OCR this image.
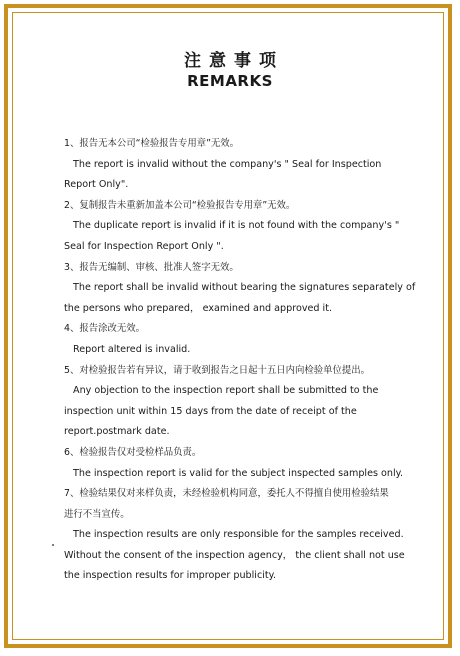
注意事项
REMARKS
1、报告无本公司“检验报告专用章”无效。
The report is invalid without the company's " Seal for Inspection
Report Only".
2、复制报告未重新加盖本公司“检验报告专用章”无效。
The duplicate report is invalid if it is not found with the company's "
Seal for Inspection Report Only ".
3、报告无编制、审核、批准人签字无效。
The report shall be invalid without bearing the signatures separately of
the persons who prepared， examined and approved it.
4、报告涂改无效。
Report altered is invalid.
5、对检验报告若有异议，请于收到报告之日起十五日内向检验单位提出。
Any objection to the inspection report shall be submitted to the
inspection unit within 15 days from the date of receipt of the
report.postmark date.
6、检验报告仅对受检样品负责。
The inspection report is valid for the subject inspected samples only.
7、检验结果仅对来样负责，未经检验机构同意，委托人不得擅自使用检验结果
进行不当宣传。
The inspection results are only responsible for the samples received.
Without the consent of the inspection agency， the client shall not use
the inspection results for improper publicity.
